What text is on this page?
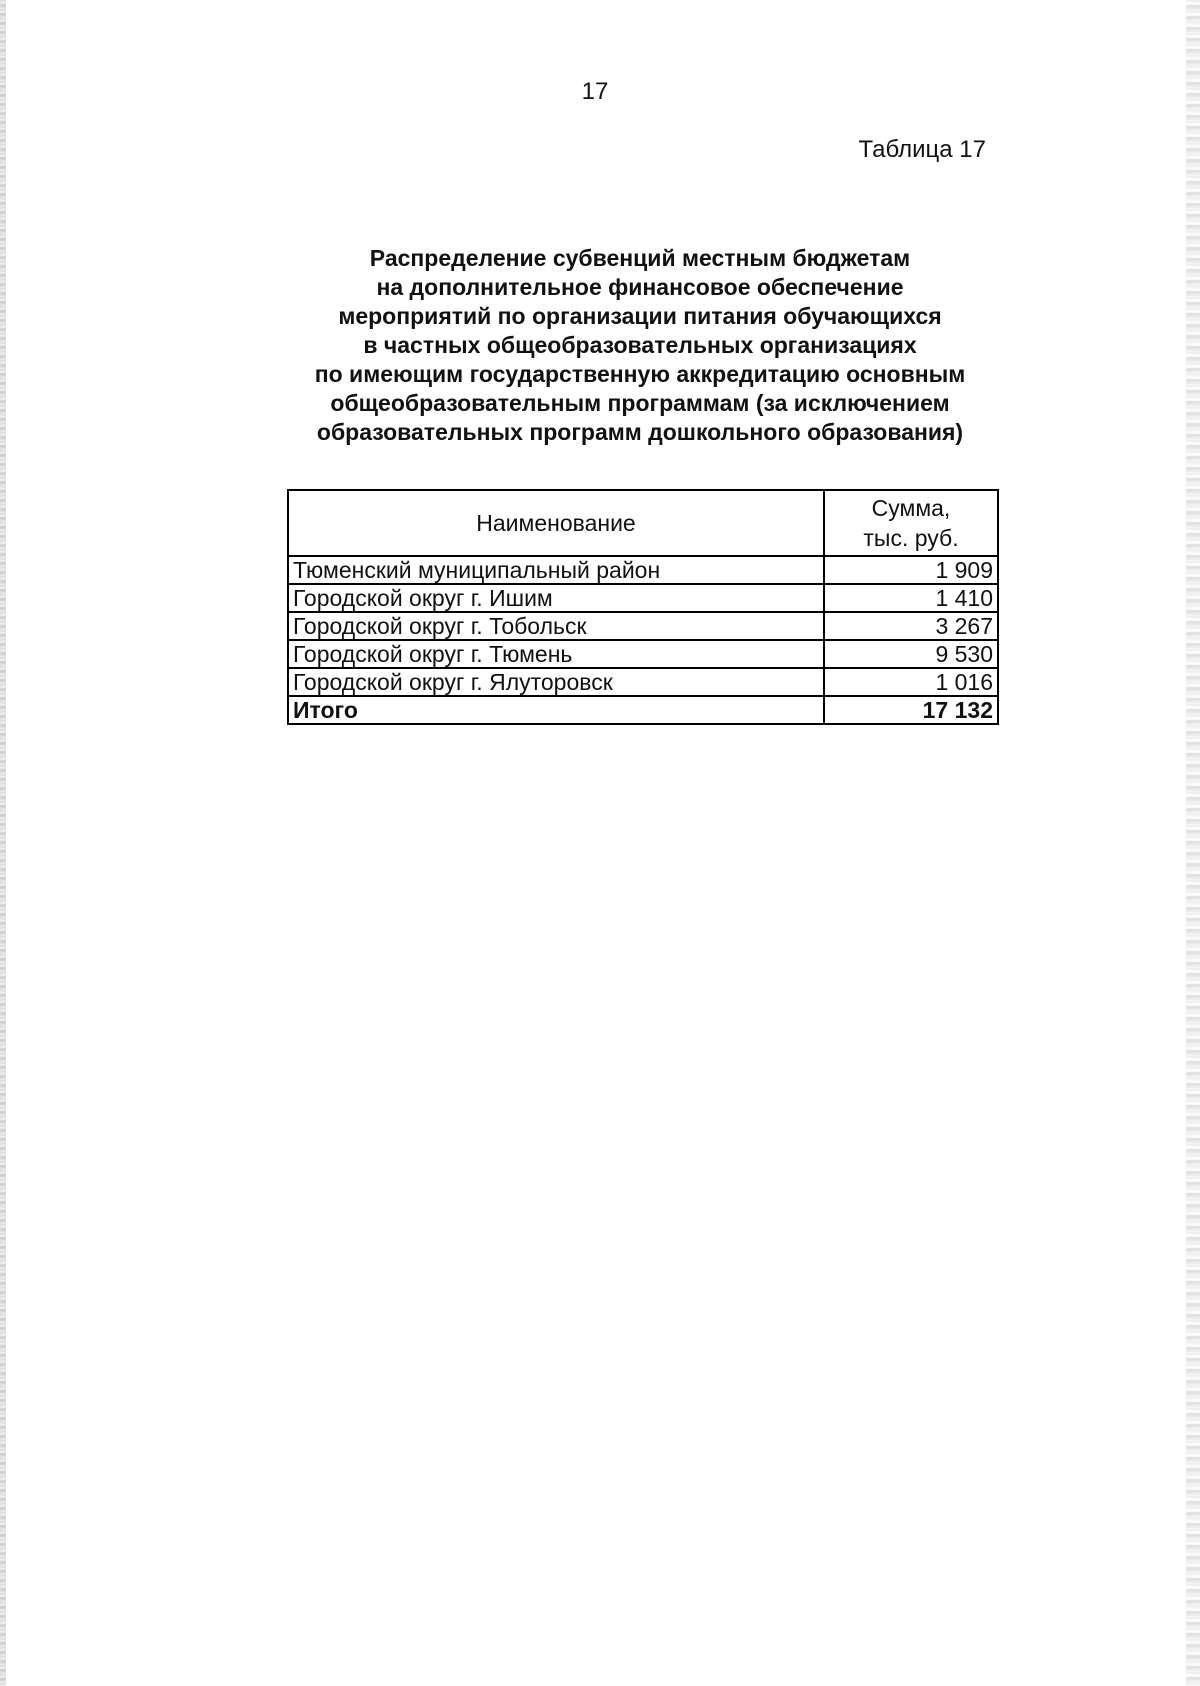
17
Таблица 17
Распределение субвенций местным бюджетам
на дополнительное финансовое обеспечение
мероприятий по организации питания обучающихся
в частных общеобразовательных организациях
по имеющим государственную аккредитацию основным
общеобразовательным программам (за исключением
образовательных программ дошкольного образования)
Наименование	Сумма,
тыс. руб.

Тюменский муниципальный район	1 909
Городской округ г. Ишим	1 410
Городской округ г. Тобольск	3 267
Городской округ г. Тюмень	9 530
Городской округ г. Ялуторовск	1 016
Итого	17 132
